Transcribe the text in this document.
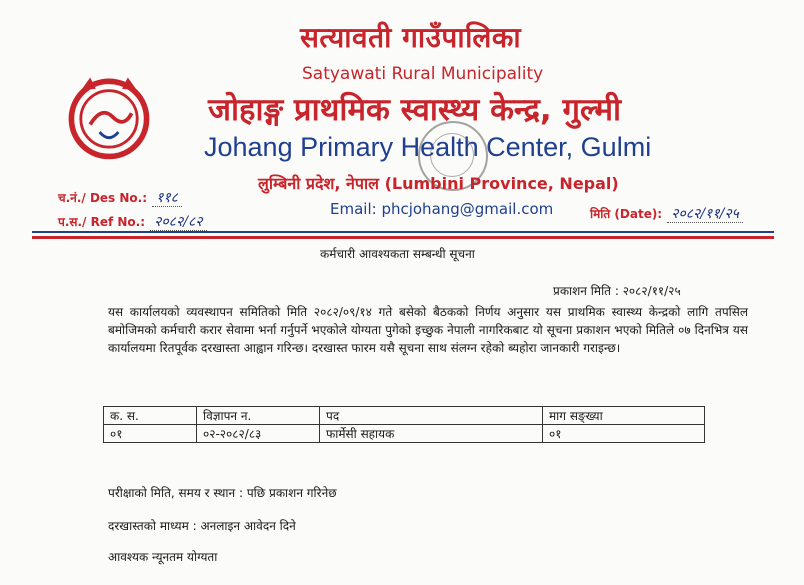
सत्यावती गाउँपालिका
Satyawati Rural Municipality
जोहाङ्ग प्राथमिक स्वास्थ्य केन्द्र, गुल्मी
Johang Primary Health Center, Gulmi
लुम्बिनी प्रदेश, नेपाल (Lumbini Province, Nepal)
Email: phcjohang@gmail.com
च.नं./ Des No.: ११८
प.स./ Ref No.: २०८२/८२	मिति (Date): २०८२/११/२५
कर्मचारी आवश्यकता सम्बन्धी सूचना
प्रकाशन मिति : २०८२/११/२५
यस कार्यालयको व्यवस्थापन समितिको मिति २०८२/०९/१४ गते बसेको बैठकको निर्णय अनुसार यस प्राथमिक स्वास्थ्य केन्द्रको लागि तपसिल बमोजिमको कर्मचारी करार सेवामा भर्ना गर्नुपर्ने भएकोले योग्यता पुगेको इच्छुक नेपाली नागरिकबाट यो सूचना प्रकाशन भएको मितिले ०७ दिनभित्र यस कार्यालयमा रितपूर्वक दरखास्ता आह्वान गरिन्छ। दरखास्त फारम यसै सूचना साथ संलग्न रहेको ब्यहोरा जानकारी गराइन्छ।
क. स.	विज्ञापन न.	पद	माग सङ्ख्या
०१	०२-२०८२/८३	फार्मेसी सहायक	०१
परीक्षाको मिति, समय र स्थान : पछि प्रकाशन गरिनेछ
दरखास्तको माध्यम : अनलाइन आवेदन दिने
आवश्यक न्यूनतम योग्यता
